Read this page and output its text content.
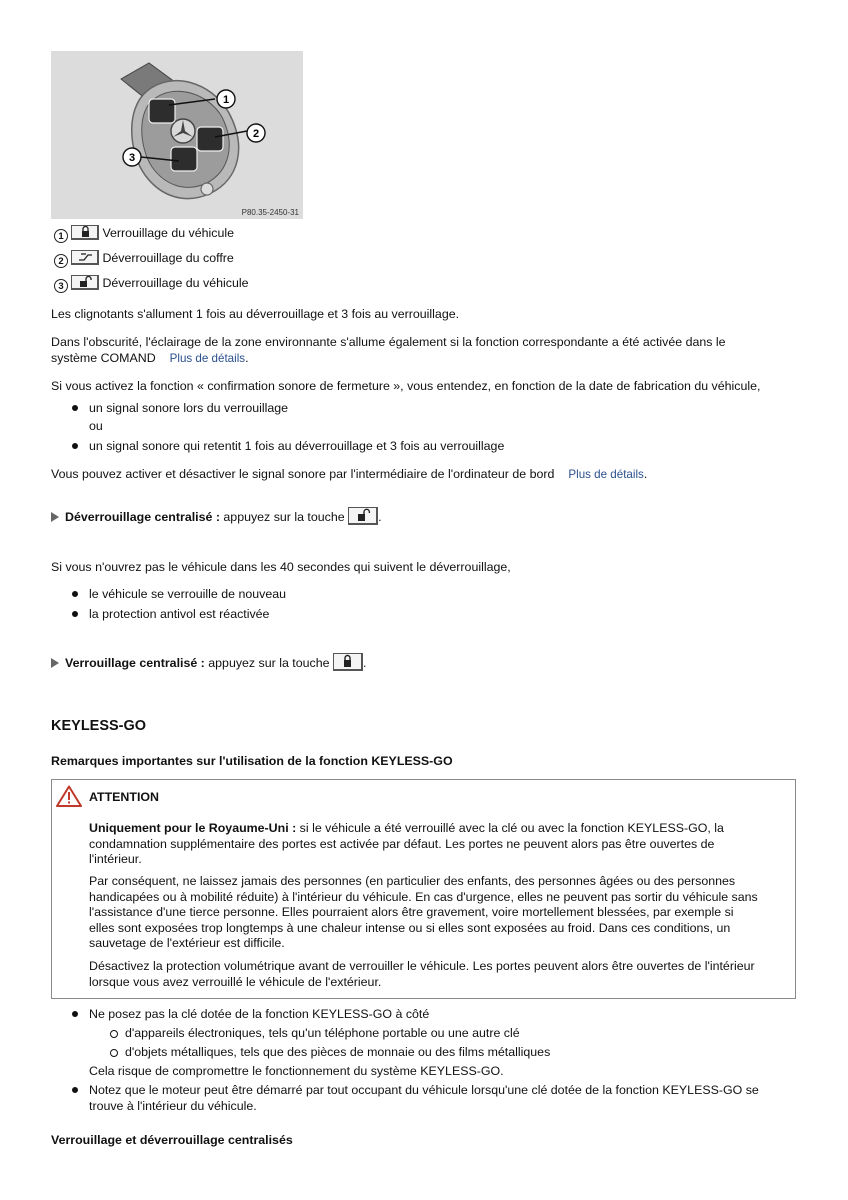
1
2
3
P80.35-2450-31
1	Verrouillage du véhicule
2	Déverrouillage du coffre
3	Déverrouillage du véhicule
Les clignotants s'allument 1 fois au déverrouillage et 3 fois au verrouillage.
Dans l'obscurité, l'éclairage de la zone environnante s'allume également si la fonction correspondante a été activée dans le
système COMAND Plus de détails.
Si vous activez la fonction « confirmation sonore de fermeture », vous entendez, en fonction de la date de fabrication du véhicule,
un signal sonore lors du verrouillage
ou
un signal sonore qui retentit 1 fois au déverrouillage et 3 fois au verrouillage
Vous pouvez activer et désactiver le signal sonore par l'intermédiaire de l'ordinateur de bord Plus de détails.
Déverrouillage centralisé : appuyez sur la touche	.
Si vous n'ouvrez pas le véhicule dans les 40 secondes qui suivent le déverrouillage,
le véhicule se verrouille de nouveau
la protection antivol est réactivée
Verrouillage centralisé : appuyez sur la touche	.
KEYLESS-GO
Remarques importantes sur l'utilisation de la fonction KEYLESS-GO
ATTENTION
Uniquement pour le Royaume-Uni : si le véhicule a été verrouillé avec la clé ou avec la fonction KEYLESS-GO, la
condamnation supplémentaire des portes est activée par défaut. Les portes ne peuvent alors pas être ouvertes de
l'intérieur.
Par conséquent, ne laissez jamais des personnes (en particulier des enfants, des personnes âgées ou des personnes
handicapées ou à mobilité réduite) à l'intérieur du véhicule. En cas d'urgence, elles ne peuvent pas sortir du véhicule sans
l'assistance d'une tierce personne. Elles pourraient alors être gravement, voire mortellement blessées, par exemple si
elles sont exposées trop longtemps à une chaleur intense ou si elles sont exposées au froid. Dans ces conditions, un
sauvetage de l'extérieur est difficile.
Désactivez la protection volumétrique avant de verrouiller le véhicule. Les portes peuvent alors être ouvertes de l'intérieur
lorsque vous avez verrouillé le véhicule de l'extérieur.
Ne posez pas la clé dotée de la fonction KEYLESS-GO à côté
d'appareils électroniques, tels qu'un téléphone portable ou une autre clé
d'objets métalliques, tels que des pièces de monnaie ou des films métalliques
Cela risque de compromettre le fonctionnement du système KEYLESS-GO.
Notez que le moteur peut être démarré par tout occupant du véhicule lorsqu'une clé dotée de la fonction KEYLESS-GO se
trouve à l'intérieur du véhicule.
Verrouillage et déverrouillage centralisés
